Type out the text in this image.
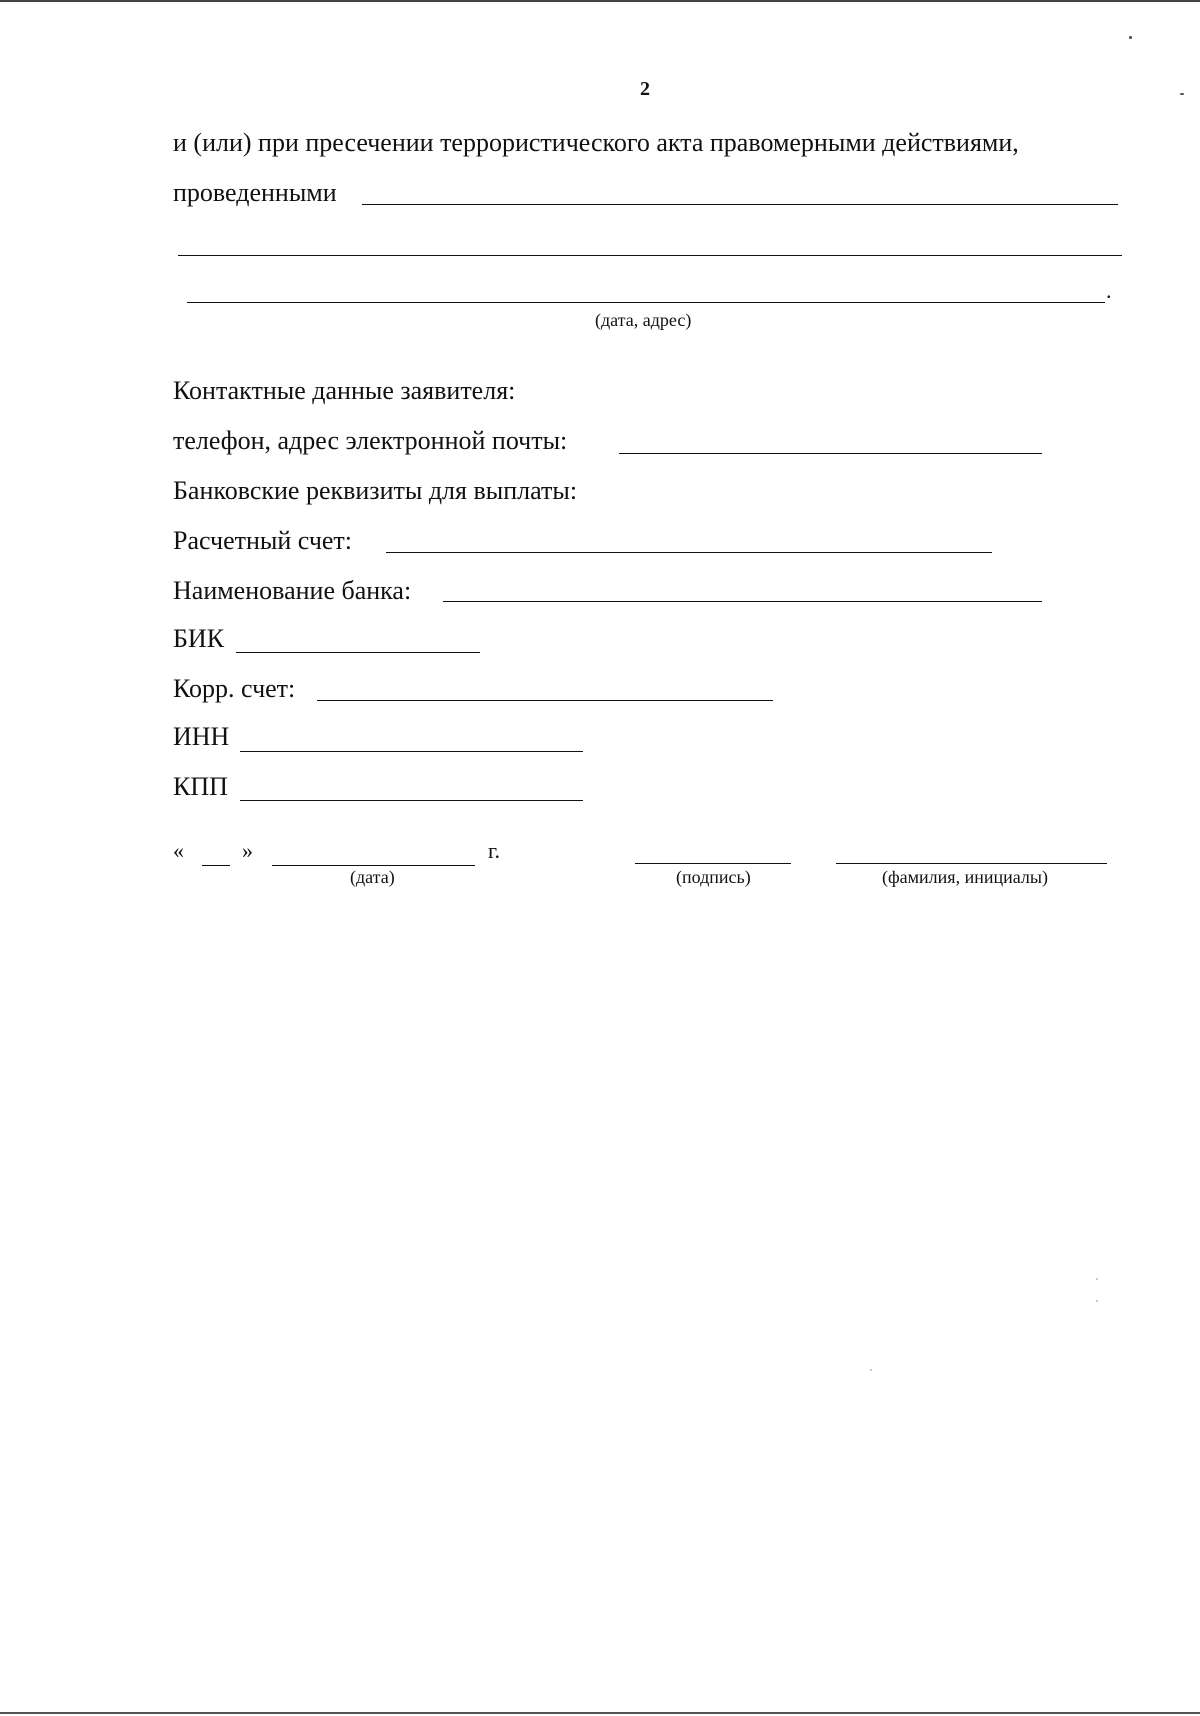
2
и (или) при пресечении террористического акта правомерными действиями,
проведенными
.
(дата, адрес)
Контактные данные заявителя:
телефон, адрес электронной почты:
Банковские реквизиты для выплаты:
Расчетный счет:
Наименование банка:
БИК
Корр. счет:
ИНН
КПП
«	»	г.
(дата)	(подпись)	(фамилия, инициалы)
